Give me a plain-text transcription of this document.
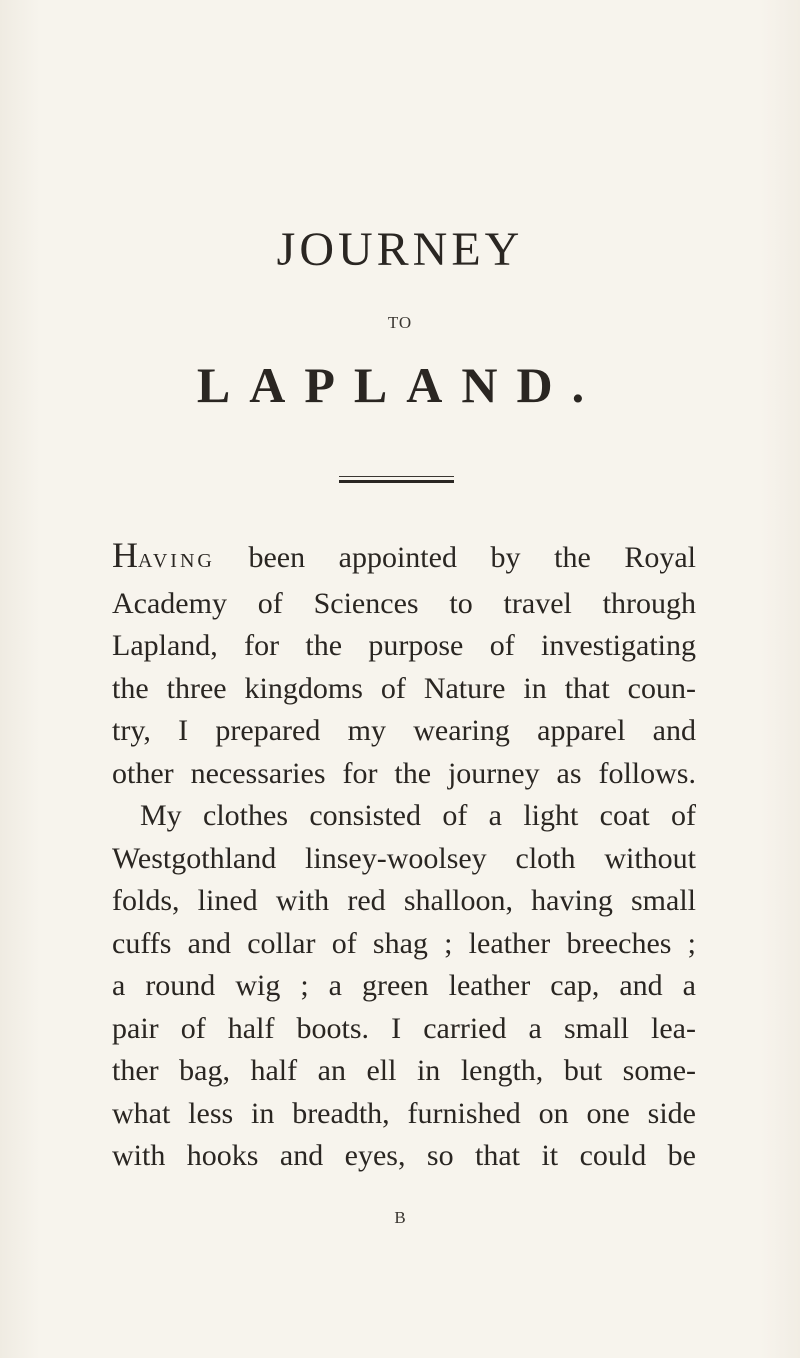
JOURNEY
TO
LAPLAND.
HAVING been appointed by the Royal
Academy of Sciences to travel through
Lapland, for the purpose of investigating
the three kingdoms of Nature in that coun-
try, I prepared my wearing apparel and
other necessaries for the journey as follows.
My clothes consisted of a light coat of
Westgothland linsey-woolsey cloth without
folds, lined with red shalloon, having small
cuffs and collar of shag ; leather breeches ;
a round wig ; a green leather cap, and a
pair of half boots. I carried a small lea-
ther bag, half an ell in length, but some-
what less in breadth, furnished on one side
with hooks and eyes, so that it could be
B
